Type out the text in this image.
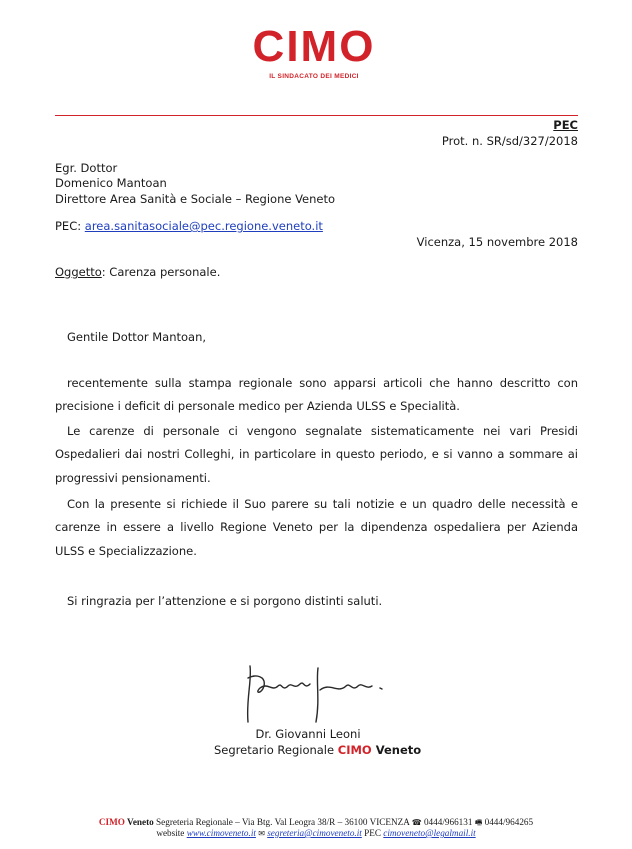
CIMO
IL SINDACATO DEI MEDICI
PEC
Prot. n. SR/sd/327/2018
Egr. Dottor
Domenico Mantoan
Direttore Area Sanità e Sociale – Regione Veneto
PEC: area.sanitasociale@pec.regione.veneto.it
Vicenza, 15 novembre 2018
Oggetto: Carenza personale.
Gentile Dottor Mantoan,
recentemente sulla stampa regionale sono apparsi articoli che hanno descritto con precisione i deficit di personale medico per Azienda ULSS e Specialità.
Le carenze di personale ci vengono segnalate sistematicamente nei vari Presidi Ospedalieri dai nostri Colleghi, in particolare in questo periodo, e si vanno a sommare ai progressivi pensionamenti.
Con la presente si richiede il Suo parere su tali notizie e un quadro delle necessità e carenze in essere a livello Regione Veneto per la dipendenza ospedaliera per Azienda ULSS e Specializzazione.
Si ringrazia per l’attenzione e si porgono distinti saluti.
Dr. Giovanni Leoni
Segretario Regionale CIMO Veneto
CIMO Veneto Segreteria Regionale – Via Btg. Val Leogra 38/R – 36100 VICENZA ☎ 0444/966131 🖷 0444/964265
website www.cimoveneto.it ✉ segreteria@cimoveneto.it PEC cimoveneto@legalmail.it
